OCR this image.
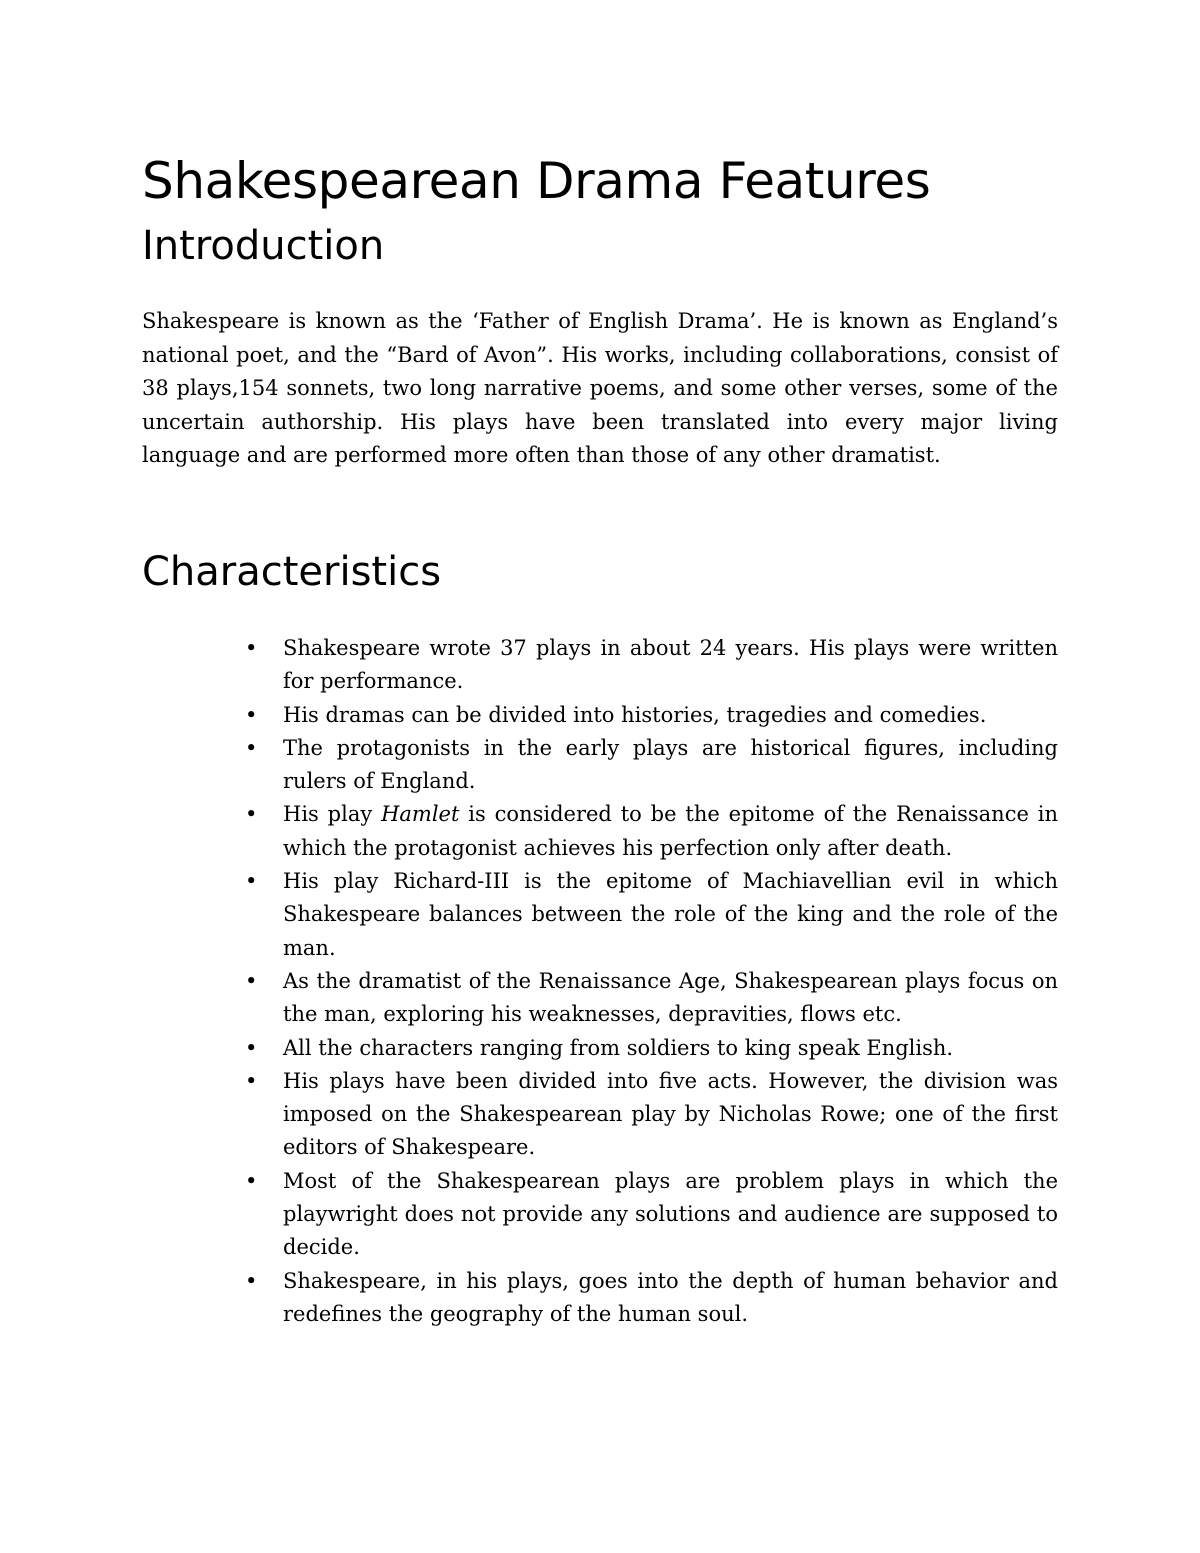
Shakespearean Drama Features
Introduction

Shakespeare is known as the ‘Father of English Drama’. He is known as England’s national poet, and the “Bard of Avon”. His works, including collaborations, consist of 38 plays,154 sonnets, two long narrative poems, and some other verses, some of the uncertain authorship. His plays have been translated into every major living language and are performed more often than those of any other dramatist.

Characteristics
• Shakespeare wrote 37 plays in about 24 years. His plays were written for performance.
• His dramas can be divided into histories, tragedies and comedies.
• The protagonists in the early plays are historical figures, including rulers of England.
• His play Hamlet is considered to be the epitome of the Renaissance in which the protagonist achieves his perfection only after death.
• His play Richard-III is the epitome of Machiavellian evil in which Shakespeare balances between the role of the king and the role of the man.
• As the dramatist of the Renaissance Age, Shakespearean plays focus on the man, exploring his weaknesses, depravities, flows etc.
• All the characters ranging from soldiers to king speak English.
• His plays have been divided into five acts. However, the division was imposed on the Shakespearean play by Nicholas Rowe; one of the first editors of Shakespeare.
• Most of the Shakespearean plays are problem plays in which the playwright does not provide any solutions and audience are supposed to decide.
• Shakespeare, in his plays, goes into the depth of human behavior and redefines the geography of the human soul.
